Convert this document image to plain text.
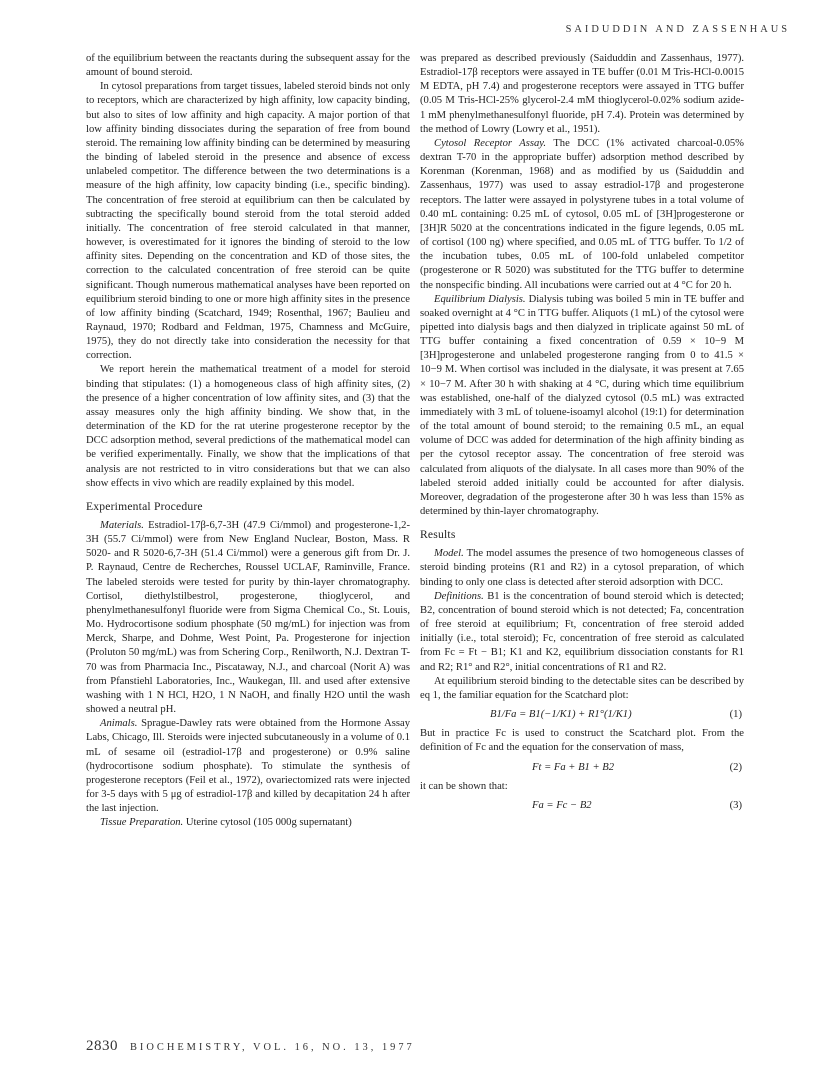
SAIDUDDIN AND ZASSENHAUS

of the equilibrium between the reactants during the subsequent assay for the amount of bound steroid.

In cytosol preparations from target tissues, labeled steroid binds not only to receptors, which are characterized by high affinity, low capacity binding, but also to sites of low affinity and high capacity. A major portion of that low affinity binding dissociates during the separation of free from bound steroid. The remaining low affinity binding can be determined by measuring the binding of labeled steroid in the presence and absence of excess unlabeled competitor. The difference between the two determinations is a measure of the high affinity, low capacity binding (i.e., specific binding). The concentration of free steroid at equilibrium can then be calculated by subtracting the specifically bound steroid from the total steroid added initially. The concentration of free steroid calculated in that manner, however, is overestimated for it ignores the binding of steroid to the low affinity sites. Depending on the concentration and KD of those sites, the correction to the calculated concentration of free steroid can be quite significant. Though numerous mathematical analyses have been reported on equilibrium steroid binding to one or more high affinity sites in the presence of low affinity binding (Scatchard, 1949; Rosenthal, 1967; Baulieu and Raynaud, 1970; Rodbard and Feldman, 1975, Chamness and McGuire, 1975), they do not directly take into consideration the necessity for that correction.

We report herein the mathematical treatment of a model for steroid binding that stipulates: (1) a homogeneous class of high affinity sites, (2) the presence of a higher concentration of low affinity sites, and (3) that the assay measures only the high affinity binding. We show that, in the determination of the KD for the rat uterine progesterone receptor by the DCC adsorption method, several predictions of the mathematical model can be verified experimentally. Finally, we show that the implications of that analysis are not restricted to in vitro considerations but that we can also show effects in vivo which are readily explained by this model.

Experimental Procedure

Materials. Estradiol-17β-6,7-3H (47.9 Ci/mmol) and progesterone-1,2-3H (55.7 Ci/mmol) were from New England Nuclear, Boston, Mass. R 5020- and R 5020-6,7-3H (51.4 Ci/mmol) were a generous gift from Dr. J. P. Raynaud, Centre de Recherches, Roussel UCLAF, Raminville, France. The labeled steroids were tested for purity by thin-layer chromatography. Cortisol, diethylstilbestrol, progesterone, thioglycerol, and phenylmethanesulfonyl fluoride were from Sigma Chemical Co., St. Louis, Mo. Hydrocortisone sodium phosphate (50 mg/mL) for injection was from Merck, Sharpe, and Dohme, West Point, Pa. Progesterone for injection (Proluton 50 mg/mL) was from Schering Corp., Renilworth, N.J. Dextran T-70 was from Pharmacia Inc., Piscataway, N.J., and charcoal (Norit A) was from Pfanstiehl Laboratories, Inc., Waukegan, Ill. and used after extensive washing with 1 N HCl, H2O, 1 N NaOH, and finally H2O until the wash showed a neutral pH.

Animals. Sprague-Dawley rats were obtained from the Hormone Assay Labs, Chicago, Ill. Steroids were injected subcutaneously in a volume of 0.1 mL of sesame oil (estradiol-17β and progesterone) or 0.9% saline (hydrocortisone sodium phosphate). To stimulate the synthesis of progesterone receptors (Feil et al., 1972), ovariectomized rats were injected for 3-5 days with 5 μg of estradiol-17β and killed by decapitation 24 h after the last injection.

Tissue Preparation. Uterine cytosol (105 000g supernatant)

was prepared as described previously (Saiduddin and Zassenhaus, 1977). Estradiol-17β receptors were assayed in TE buffer (0.01 M Tris-HCl-0.0015 M EDTA, pH 7.4) and progesterone receptors were assayed in TTG buffer (0.05 M Tris-HCl-25% glycerol-2.4 mM thioglycerol-0.02% sodium azide-1 mM phenylmethanesulfonyl fluoride, pH 7.4). Protein was determined by the method of Lowry (Lowry et al., 1951).

Cytosol Receptor Assay. The DCC (1% activated charcoal-0.05% dextran T-70 in the appropriate buffer) adsorption method described by Korenman (Korenman, 1968) and as modified by us (Saiduddin and Zassenhaus, 1977) was used to assay estradiol-17β and progesterone receptors. The latter were assayed in polystyrene tubes in a total volume of 0.40 mL containing: 0.25 mL of cytosol, 0.05 mL of [3H]progesterone or [3H]R 5020 at the concentrations indicated in the figure legends, 0.05 mL of cortisol (100 ng) where specified, and 0.05 mL of TTG buffer. To 1/2 of the incubation tubes, 0.05 mL of 100-fold unlabeled competitor (progesterone or R 5020) was substituted for the TTG buffer to determine the nonspecific binding. All incubations were carried out at 4 °C for 20 h.

Equilibrium Dialysis. Dialysis tubing was boiled 5 min in TE buffer and soaked overnight at 4 °C in TTG buffer. Aliquots (1 mL) of the cytosol were pipetted into dialysis bags and then dialyzed in triplicate against 50 mL of TTG buffer containing a fixed concentration of 0.59 × 10−9 M [3H]progesterone and unlabeled progesterone ranging from 0 to 41.5 × 10−9 M. When cortisol was included in the dialysate, it was present at 7.65 × 10−7 M. After 30 h with shaking at 4 °C, during which time equilibrium was established, one-half of the dialyzed cytosol (0.5 mL) was extracted immediately with 3 mL of toluene-isoamyl alcohol (19:1) for determination of the total amount of bound steroid; to the remaining 0.5 mL, an equal volume of DCC was added for determination of the high affinity binding as per the cytosol receptor assay. The concentration of free steroid was calculated from aliquots of the dialysate. In all cases more than 90% of the labeled steroid added initially could be accounted for after dialysis. Moreover, degradation of the progesterone after 30 h was less than 15% as determined by thin-layer chromatography.

Results

Model. The model assumes the presence of two homogeneous classes of steroid binding proteins (R1 and R2) in a cytosol preparation, of which binding to only one class is detected after steroid adsorption with DCC.

Definitions. B1 is the concentration of bound steroid which is detected; B2, concentration of bound steroid which is not detected; Fa, concentration of free steroid at equilibrium; Ft, concentration of free steroid added initially (i.e., total steroid); Fc, concentration of free steroid as calculated from Fc = Ft − B1; K1 and K2, equilibrium dissociation constants for R1 and R2; R1° and R2°, initial concentrations of R1 and R2.

At equilibrium steroid binding to the detectable sites can be described by eq 1, the familiar equation for the Scatchard plot:

B1/Fa = B1(−1/K1) + R1°(1/K1)	(1)

But in practice Fc is used to construct the Scatchard plot. From the definition of Fc and the equation for the conservation of mass,

Ft = Fa + B1 + B2	(2)

it can be shown that:

Fa = Fc − B2	(3)
2830 BIOCHEMISTRY, VOL. 16, NO. 13, 1977
